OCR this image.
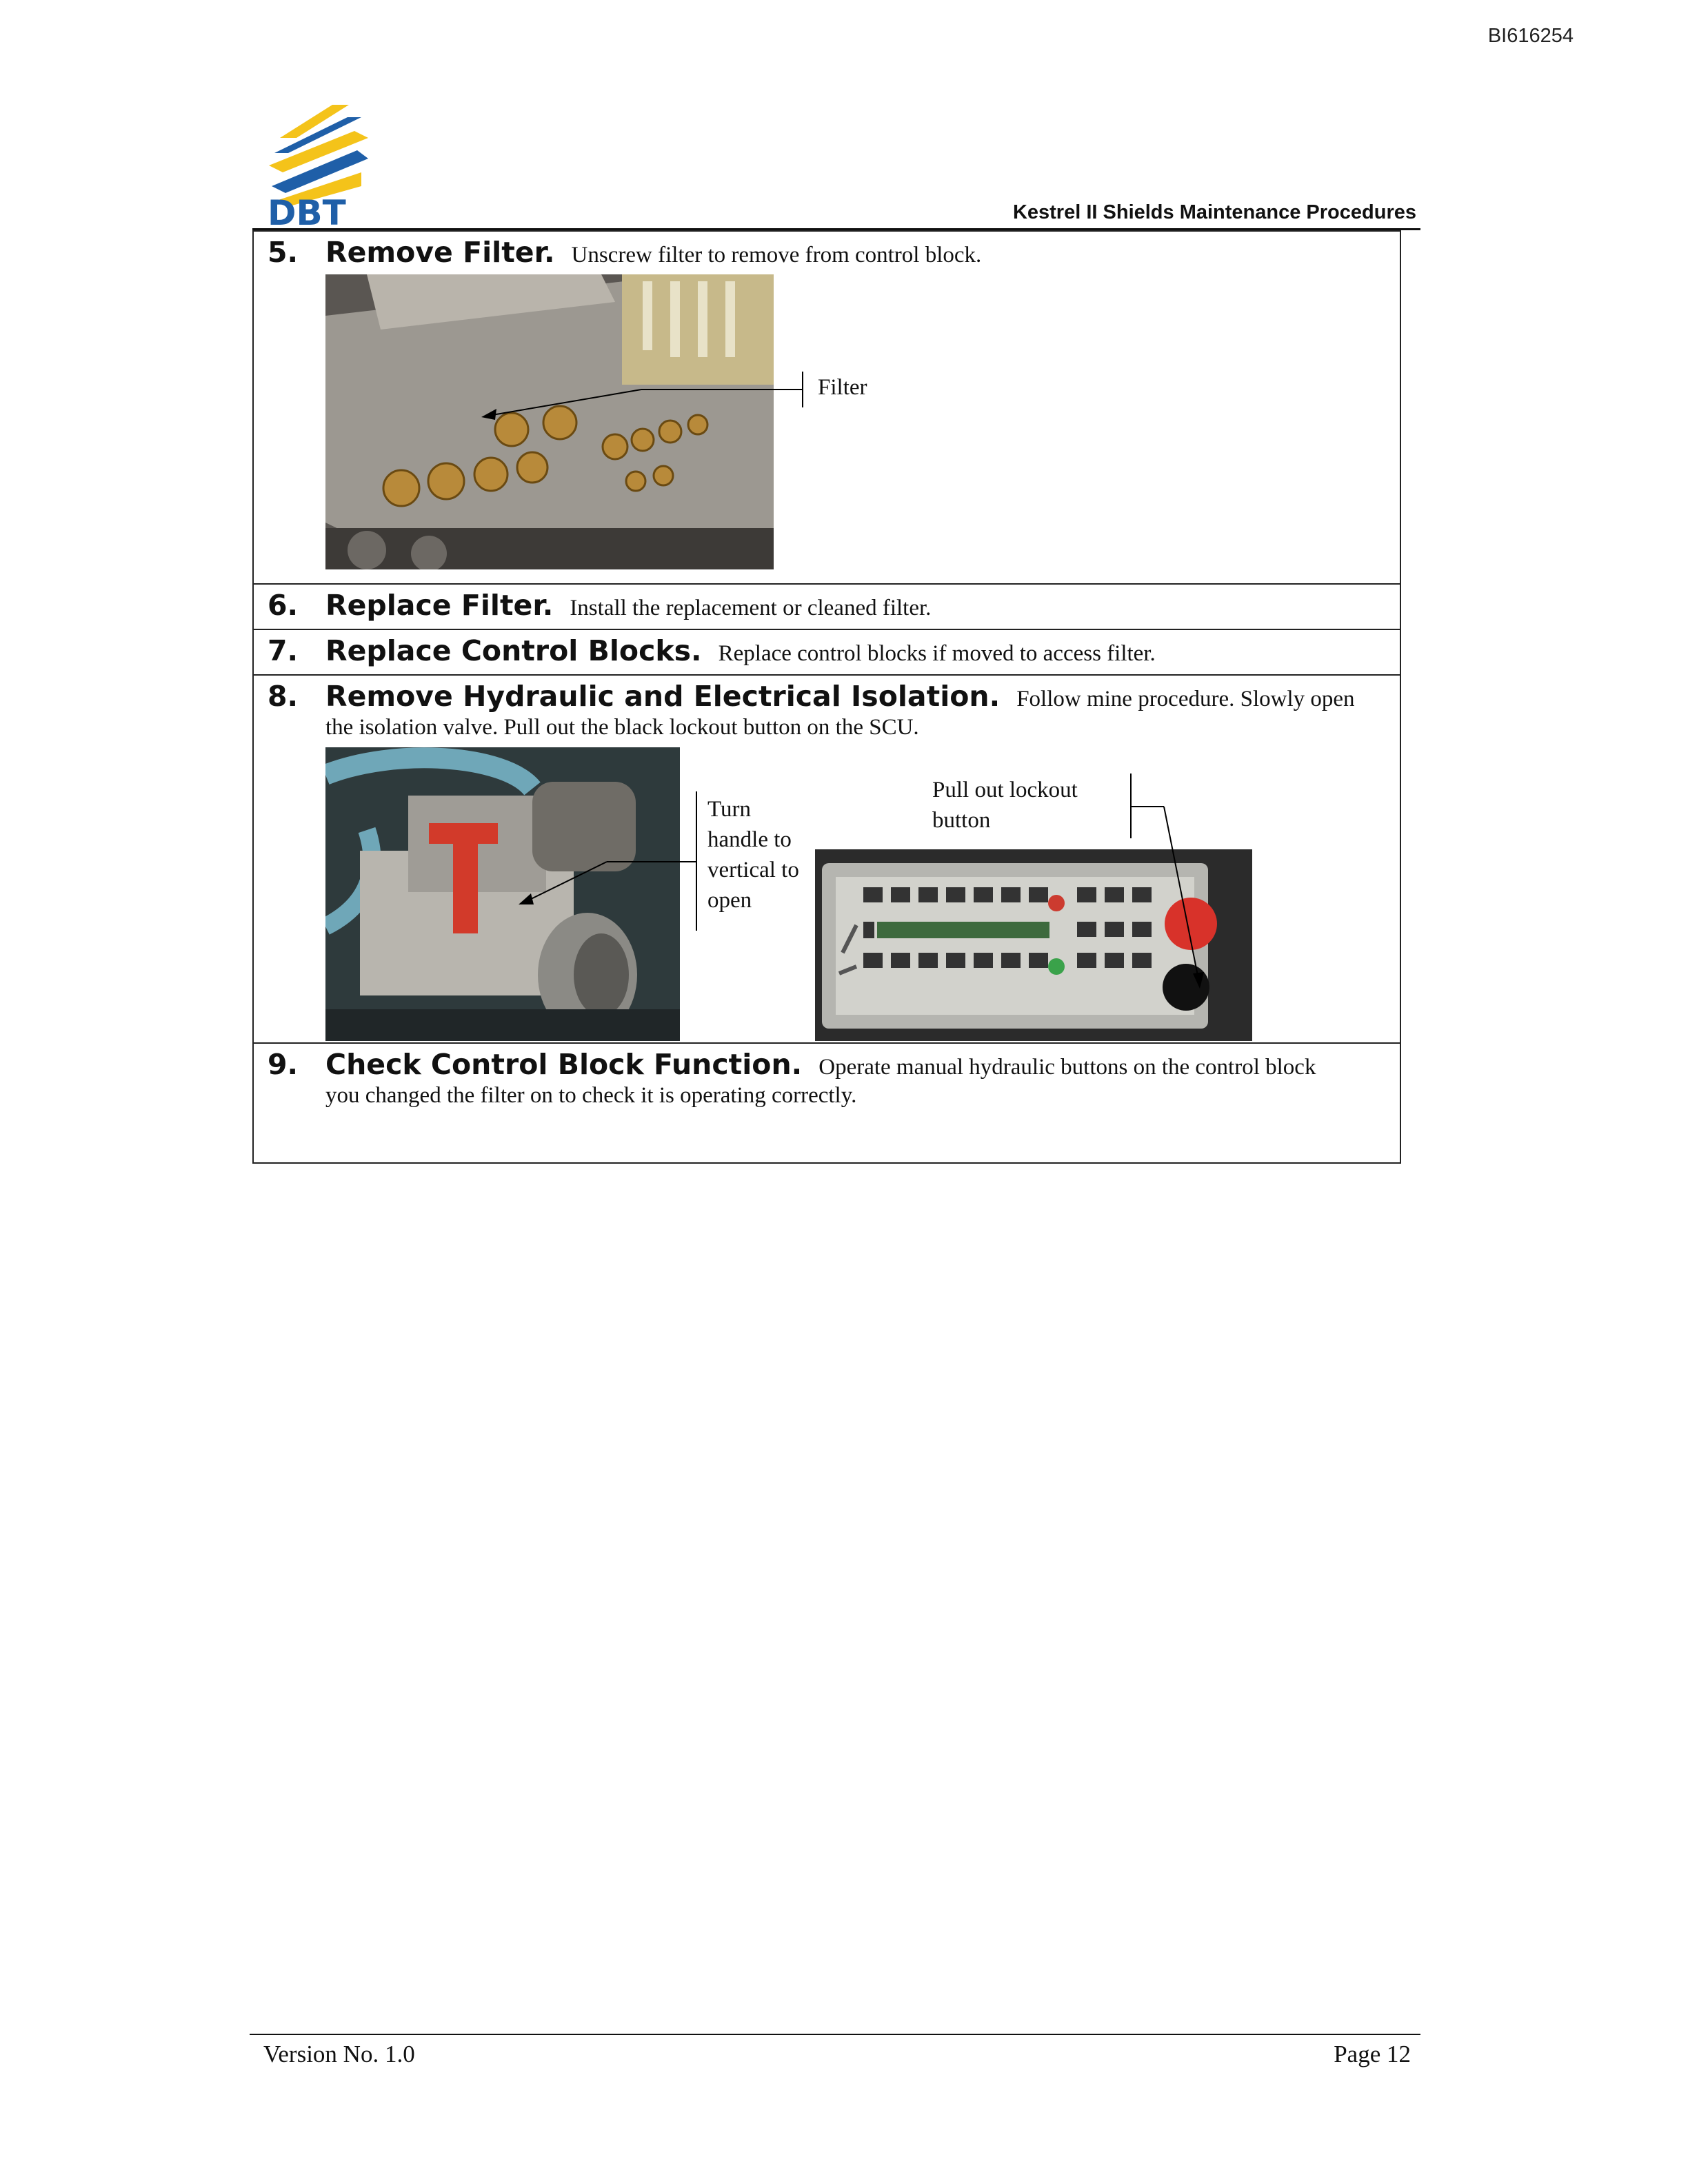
BI616254
DBT	Kestrel II Shields Maintenance Procedures
5. Remove Filter. Unscrew filter to remove from control block.

6. Replace Filter. Install the replacement or cleaned filter.

7. Replace Control Blocks. Replace control blocks if moved to access filter.

8. Remove Hydraulic and Electrical Isolation. Follow mine procedure. Slowly open
the isolation valve. Pull out the black lockout button on the SCU.

9. Check Control Block Function. Operate manual hydraulic buttons on the control block
you changed the filter on to check it is operating correctly.
Filter
Turn
handle to
vertical to
open
Pull out lockout
button
Version No. 1.0	Page 12
